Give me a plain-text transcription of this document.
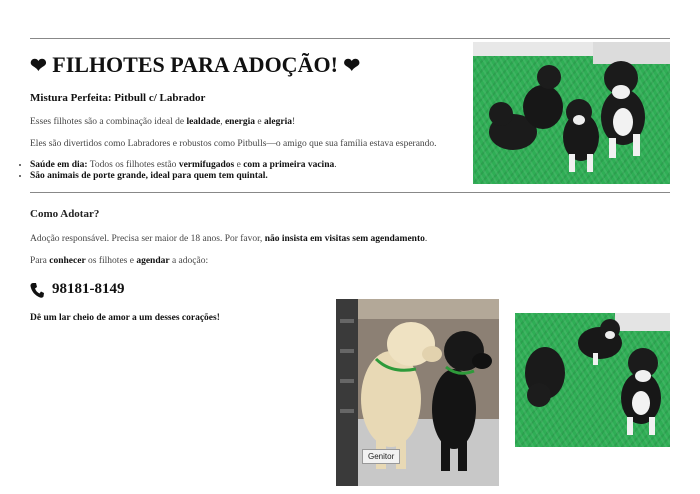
❤ FILHOTES PARA ADOÇÃO! ❤
Mistura Perfeita: Pitbull c/ Labrador
Esses filhotes são a combinação ideal de lealdade, energia e alegria!
Eles são divertidos como Labradores e robustos como Pitbulls—o amigo que sua família estava esperando.
• Saúde em dia: Todos os filhotes estão vermifugados e com a primeira vacina.
• São animais de porte grande, ideal para quem tem quintal.
Como Adotar?
Adoção responsável. Precisa ser maior de 18 anos. Por favor, não insista em visitas sem agendamento.
Para conhecer os filhotes e agendar a adoção:
98181-8149
Dê um lar cheio de amor a um desses corações!
Genitor
